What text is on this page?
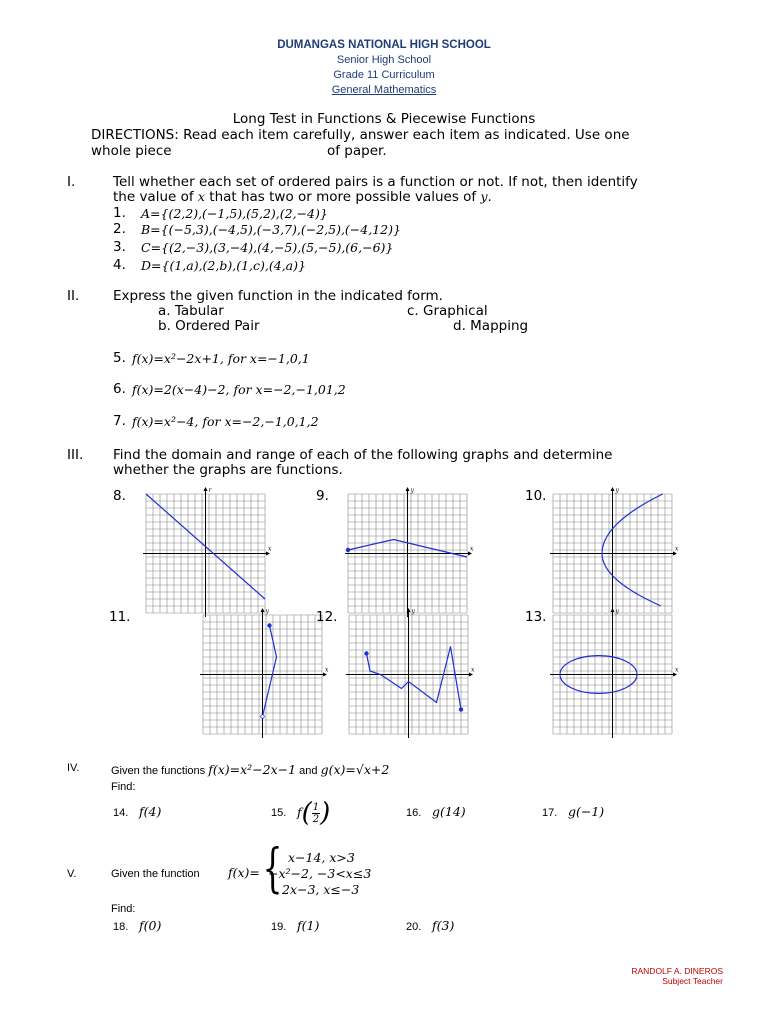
DUMANGAS NATIONAL HIGH SCHOOL
Senior High School
Grade 11 Curriculum
General Mathematics
Long Test in Functions & Piecewise Functions
DIRECTIONS: Read each item carefully, answer each item as indicated. Use one
whole piece	of paper.
I.	Tell whether each set of ordered pairs is a function or not. If not, then identify
the value of x that has two or more possible values of y.
1. A={(2,2),(−1,5),(5,2),(2,−4)}
2. B={(−5,3),(−4,5),(−3,7),(−2,5),(−4,12)}
3. C={(2,−3),(3,−4),(4,−5),(5,−5),(6,−6)}
4. D={(1,a),(2,b),(1,c),(4,a)}
II. Express the given function in the indicated form.
a. Tabular	c. Graphical
b. Ordered Pair	d. Mapping
5. f(x)=x²−2x+1, for x=−1,0,1
6. f(x)=2(x−4)−2, for x=−2,−1,01,2
7. f(x)=x²−4, for x=−2,−1,0,1,2
III. Find the domain and range of each of the following graphs and determine
whether the graphs are functions.
8.
x
r	9.
x
y	10.
x
y
11.
x
y	12.
x
y	13.
x
y
IV.	Given the functions f(x)=x²−2x−1 and g(x)=√x+2
Find:
14. f(4)	15. $f( \frac{1}{2}$ )	16. g(14)	17. g(−1)
V.	Given the function f(x)= { x−14, x>3
−x²−2, −3<x≤3
2x−3, x≤−3
Find:
18. f(0)	19. f(1)	20. f(3)
RANDOLF A. DINEROS
Subject Teacher
